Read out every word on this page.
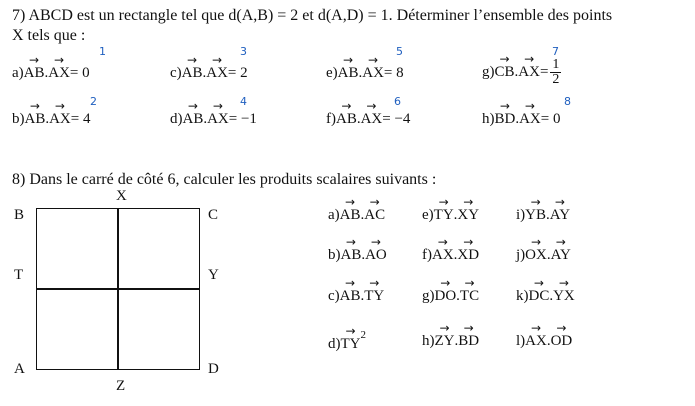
7) ABCD est un rectangle tel que d(A,B) = 2 et d(A,D) = 1. Déterminer l’ensemble des points
X tels que :
a)→ AB.→ AX= 0
1
c)→ AB.→ AX= 2
3
e)→ AB.→ AX= 8
5
$g)\to CB.\to AX= \frac{1}{2}$
7
b)→ AB.→ AX= 4
2
d)→ AB.→ AX= −1
4
f)→ AB.→ AX= −4
6
h)→ BD.→ AX= 0
8
8) Dans le carré de côté 6, calculer les produits scalaires suivants :
B
X
C
T	Y
A	D
Z
a)→ AB.→ AC e)→ TY.→ XY i)→ YB.→ AY
b)→ AB.→ AO f)→ AX.→ XD j)→ OX.→ AY
c)→ AB.→ TY	g)→ DO.→ TC k)→ DC.→ YX
$d)\to TY^2$	h)→ ZY.→ BD l)→ AX.→ OD
